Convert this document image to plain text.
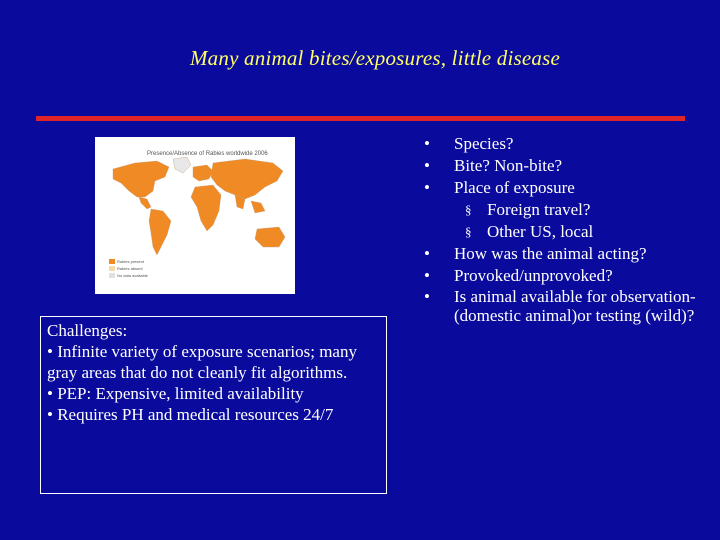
Many animal bites/exposures, little disease
Presence/Absence of Rabies worldwide 2006
Rabies present
Rabies absent
No data available
Challenges:
• Infinite variety of exposure scenarios; many gray areas that do not cleanly fit algorithms.
• PEP: Expensive, limited availability
• Requires PH and medical resources 24/7
• Species?
• Bite? Non-bite?
• Place of exposure
§ Foreign travel?
§ Other US, local
• How was the animal acting?
• Provoked/unprovoked?
• Is animal available for observation- (domestic animal)or testing (wild)?
